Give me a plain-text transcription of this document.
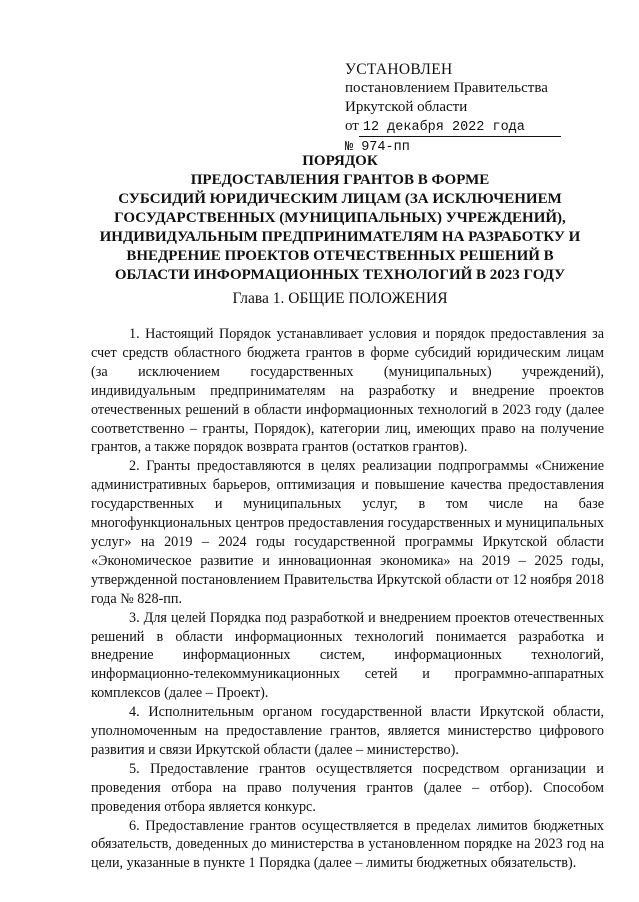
УСТАНОВЛЕН
постановлением Правительства
Иркутской области
от 12 декабря 2022 года
№ 974-пп
ПОРЯДОК
ПРЕДОСТАВЛЕНИЯ ГРАНТОВ В ФОРМЕ
СУБСИДИЙ ЮРИДИЧЕСКИМ ЛИЦАМ (ЗА ИСКЛЮЧЕНИЕМ
ГОСУДАРСТВЕННЫХ (МУНИЦИПАЛЬНЫХ) УЧРЕЖДЕНИЙ),
ИНДИВИДУАЛЬНЫМ ПРЕДПРИНИМАТЕЛЯМ НА РАЗРАБОТКУ И
ВНЕДРЕНИЕ ПРОЕКТОВ ОТЕЧЕСТВЕННЫХ РЕШЕНИЙ В
ОБЛАСТИ ИНФОРМАЦИОННЫХ ТЕХНОЛОГИЙ В 2023 ГОДУ
Глава 1. ОБЩИЕ ПОЛОЖЕНИЯ

1. Настоящий Порядок устанавливает условия и порядок предоставления за счет средств областного бюджета грантов в форме субсидий юридическим лицам (за исключением государственных (муниципальных) учреждений), индивидуальным предпринимателям на разработку и внедрение проектов отечественных решений в области информационных технологий в 2023 году (далее соответственно – гранты, Порядок), категории лиц, имеющих право на получение грантов, а также порядок возврата грантов (остатков грантов).

2. Гранты предоставляются в целях реализации подпрограммы «Снижение административных барьеров, оптимизация и повышение качества предоставления государственных и муниципальных услуг, в том числе на базе многофункциональных центров предоставления государственных и муниципальных услуг» на 2019 – 2024 годы государственной программы Иркутской области «Экономическое развитие и инновационная экономика» на 2019 – 2025 годы, утвержденной постановлением Правительства Иркутской области от 12 ноября 2018 года № 828-пп.

3. Для целей Порядка под разработкой и внедрением проектов отечественных решений в области информационных технологий понимается разработка и внедрение информационных систем, информационных технологий, информационно-телекоммуникационных сетей и программно-аппаратных комплексов (далее – Проект).

4. Исполнительным органом государственной власти Иркутской области, уполномоченным на предоставление грантов, является министерство цифрового развития и связи Иркутской области (далее – министерство).

5. Предоставление грантов осуществляется посредством организации и проведения отбора на право получения грантов (далее – отбор). Способом проведения отбора является конкурс.

6. Предоставление грантов осуществляется в пределах лимитов бюджетных обязательств, доведенных до министерства в установленном порядке на 2023 год на цели, указанные в пункте 1 Порядка (далее – лимиты бюджетных обязательств).
